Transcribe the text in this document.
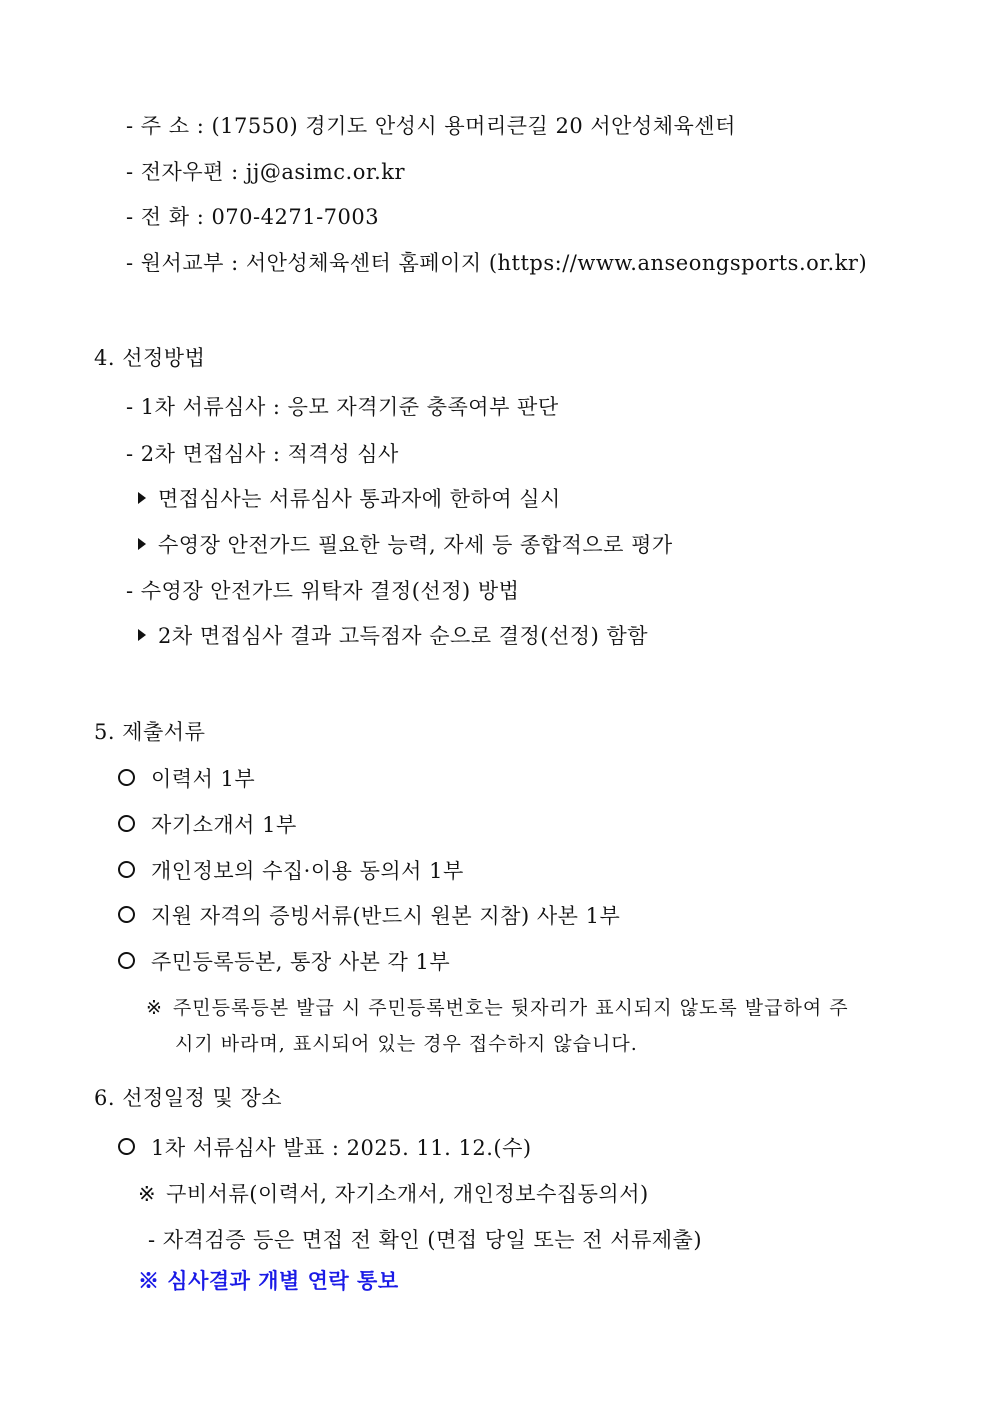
- 주 소 : (17550) 경기도 안성시 용머리큰길 20 서안성체육센터
- 전자우편 : jj@asimc.or.kr
- 전 화 : 070-4271-7003
- 원서교부 : 서안성체육센터 홈페이지 (https://www.anseongsports.or.kr)
4. 선정방법
- 1차 서류심사 : 응모 자격기준 충족여부 판단
- 2차 면접심사 : 적격성 심사
면접심사는 서류심사 통과자에 한하여 실시
수영장 안전가드 필요한 능력, 자세 등 종합적으로 평가
- 수영장 안전가드 위탁자 결정(선정) 방법
2차 면접심사 결과 고득점자 순으로 결정(선정) 함함
5. 제출서류
이력서 1부
자기소개서 1부
개인정보의 수집·이용 동의서 1부
지원 자격의 증빙서류(반드시 원본 지참) 사본 1부
주민등록등본, 통장 사본 각 1부
※ 주민등록등본 발급 시 주민등록번호는 뒷자리가 표시되지 않도록 발급하여 주
시기 바라며, 표시되어 있는 경우 접수하지 않습니다.
6. 선정일정 및 장소
1차 서류심사 발표 : 2025. 11. 12.(수)
※ 구비서류(이력서, 자기소개서, 개인정보수집동의서)
- 자격검증 등은 면접 전 확인 (면접 당일 또는 전 서류제출)
※ 심사결과 개별 연락 통보
